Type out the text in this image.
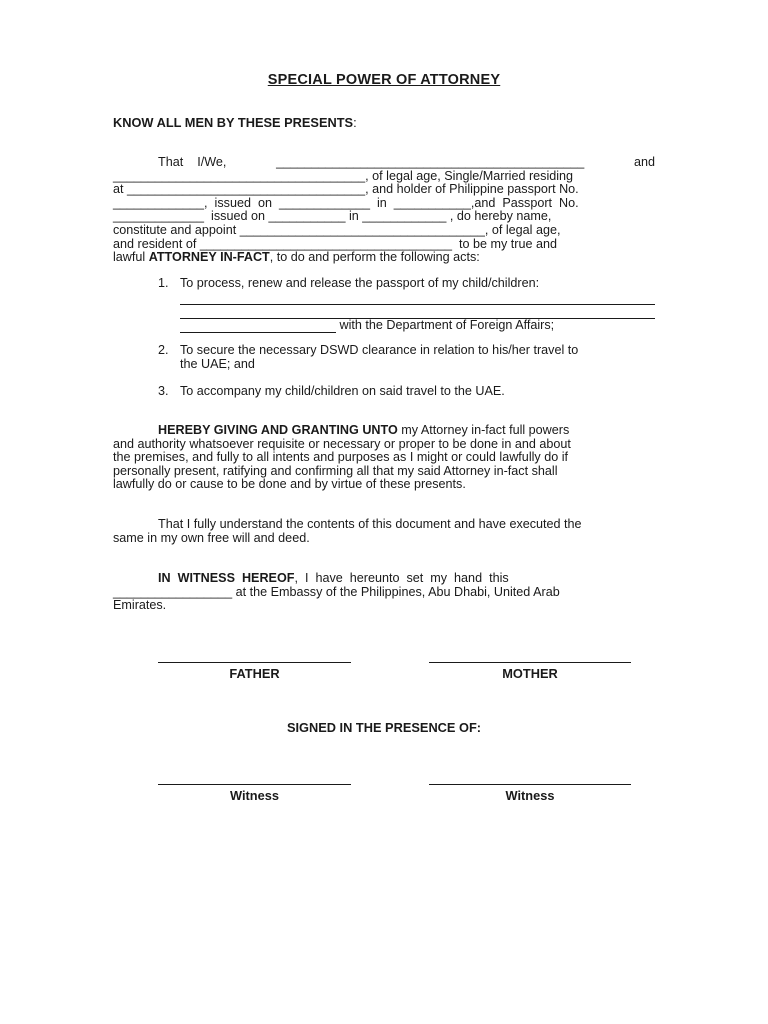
SPECIAL POWER OF ATTORNEY
KNOW ALL MEN BY THESE PRESENTS:
That    I/We,	____________________________________________	and
____________________________________, of legal age, Single/Married residing
at __________________________________, and holder of Philippine passport No.
_____________,  issued  on  _____________  in  ___________,and  Passport  No.
_____________  issued on ___________ in ____________ , do hereby name,
constitute and appoint ___________________________________, of legal age,
and resident of ____________________________________  to be my true and
lawful ATTORNEY IN-FACT , to do and perform the following acts:
1. To process, renew and release the passport of my child/children:
with the Department of Foreign Affairs;
2. To secure the necessary DSWD clearance in relation to his/her travel to
the UAE; and
3. To accompany my child/children on said travel to the UAE.
HEREBY GIVING AND GRANTING UNTO my Attorney in-fact full powers
and authority whatsoever requisite or necessary or proper to be done in and about
the premises, and fully to all intents and purposes as I might or could lawfully do if
personally present, ratifying and confirming all that my said Attorney in-fact shall
lawfully do or cause to be done and by virtue of these presents.
That I fully understand the contents of this document and have executed the
same in my own free will and deed.
IN  WITNESS  HEREOF ,  I  have  hereunto  set  my  hand  this
_________________ at the Embassy of the Philippines, Abu Dhabi, United Arab
Emirates.
FATHER	MOTHER
SIGNED IN THE PRESENCE OF:
Witness	Witness
